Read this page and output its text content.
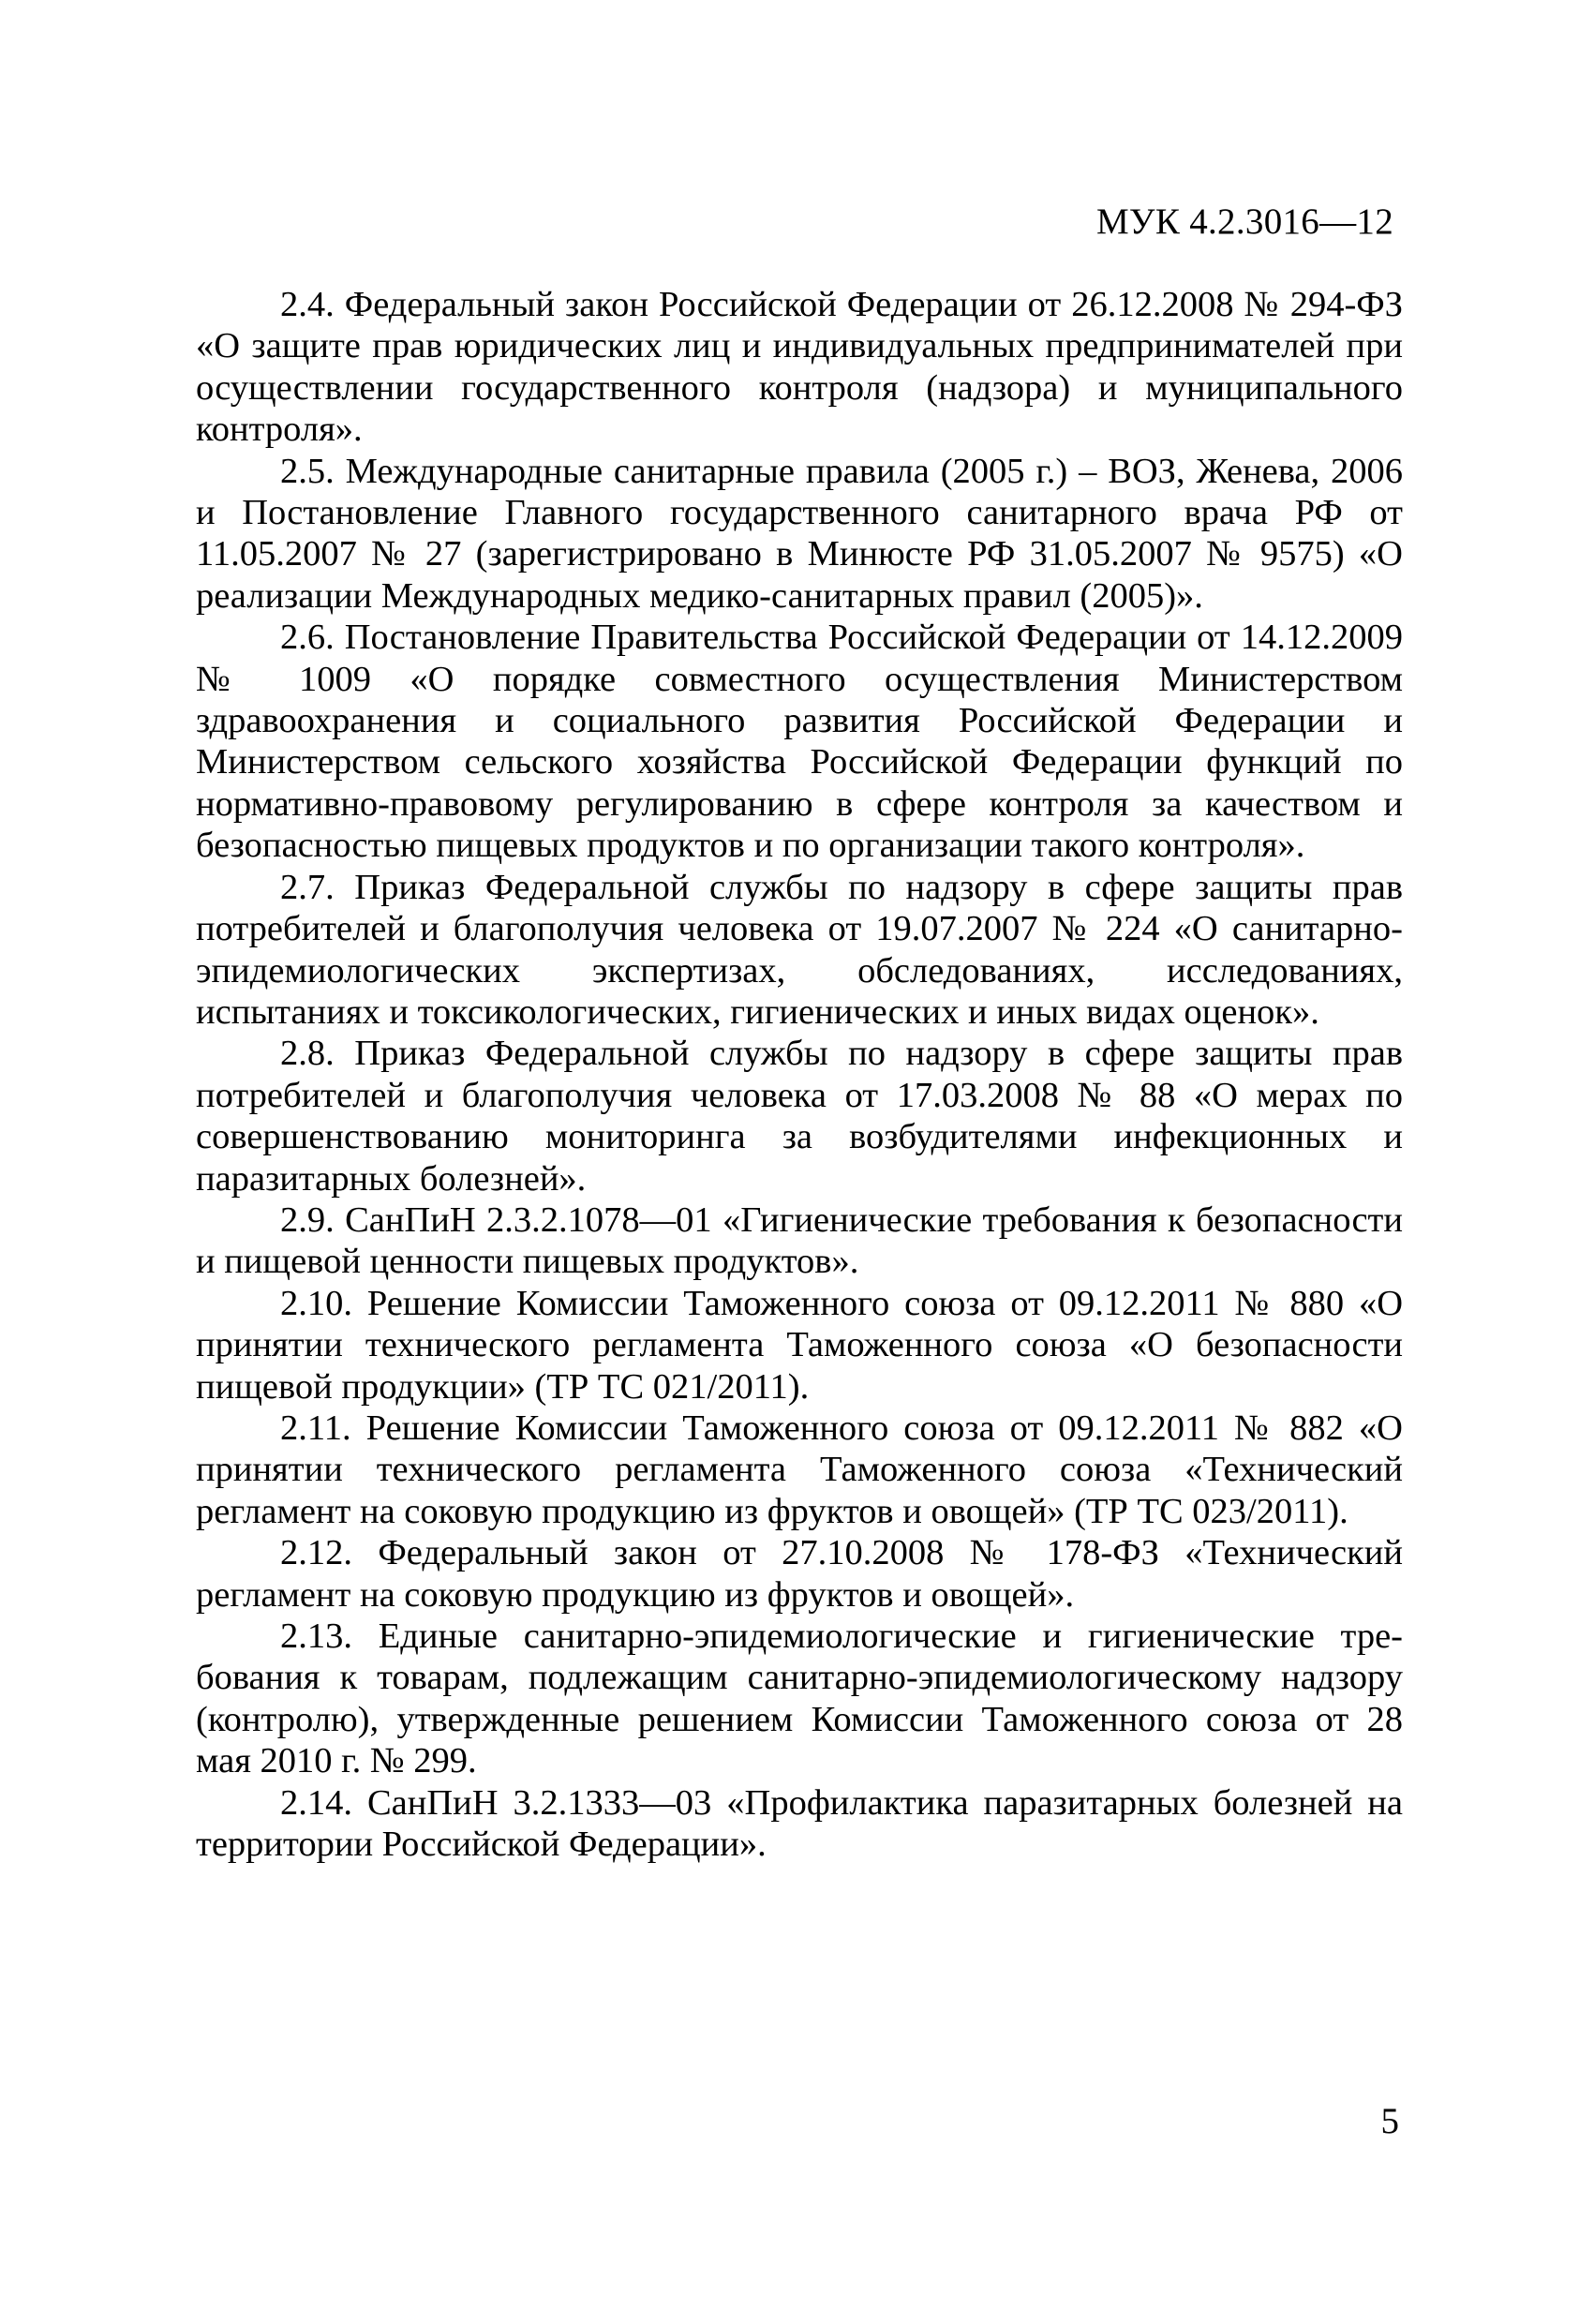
МУК 4.2.3016—12

2.4. Федеральный закон Российской Федерации от 26.12.2008 № 294-ФЗ «О защите прав юридических лиц и индивидуальных предпринимателей при осуществлении государственного контроля (надзора) и муниципального контроля».

2.5. Международные санитарные правила (2005 г.) – ВОЗ, Женева, 2006 и Постановление Главного государственного санитарного врача РФ от 11.05.2007 № 27 (зарегистрировано в Минюсте РФ 31.05.2007 № 9575) «О реализации Международных медико-санитарных правил (2005)».

2.6. Постановление Правительства Российской Федерации от 14.12.2009 № 1009 «О порядке совместного осуществления Министерством здравоохранения и социального развития Российской Федерации и Министерством сельского хозяйства Российской Федерации функций по нормативно-правовому регулированию в сфере контроля за качеством и безопасностью пищевых продуктов и по организации такого контроля».

2.7. Приказ Федеральной службы по надзору в сфере защиты прав потребителей и благополучия человека от 19.07.2007 № 224 «О санитарно-эпидемиологических экспертизах, обследованиях, исследованиях, испытаниях и токсикологических, гигиенических и иных видах оценок».

2.8. Приказ Федеральной службы по надзору в сфере защиты прав потребителей и благополучия человека от 17.03.2008 № 88 «О мерах по совершенствованию мониторинга за возбудителями инфекционных и паразитарных болезней».

2.9. СанПиН 2.3.2.1078—01 «Гигиенические требования к безопасности и пищевой ценности пищевых продуктов».

2.10. Решение Комиссии Таможенного союза от 09.12.2011 № 880 «О принятии технического регламента Таможенного союза «О безопасности пищевой продукции» (ТР ТС 021/2011).

2.11. Решение Комиссии Таможенного союза от 09.12.2011 № 882 «О принятии технического регламента Таможенного союза «Технический регламент на соковую продукцию из фруктов и овощей» (ТР ТС 023/2011).

2.12. Федеральный закон от 27.10.2008 № 178-ФЗ «Технический регламент на соковую продукцию из фруктов и овощей».

2.13. Единые санитарно-эпидемиологические и гигиенические требования к товарам, подлежащим санитарно-эпидемиологическому надзору (контролю), утвержденные решением Комиссии Таможенного союза от 28 мая 2010 г. № 299.

2.14. СанПиН 3.2.1333—03 «Профилактика паразитарных болезней на территории Российской Федерации».

5
